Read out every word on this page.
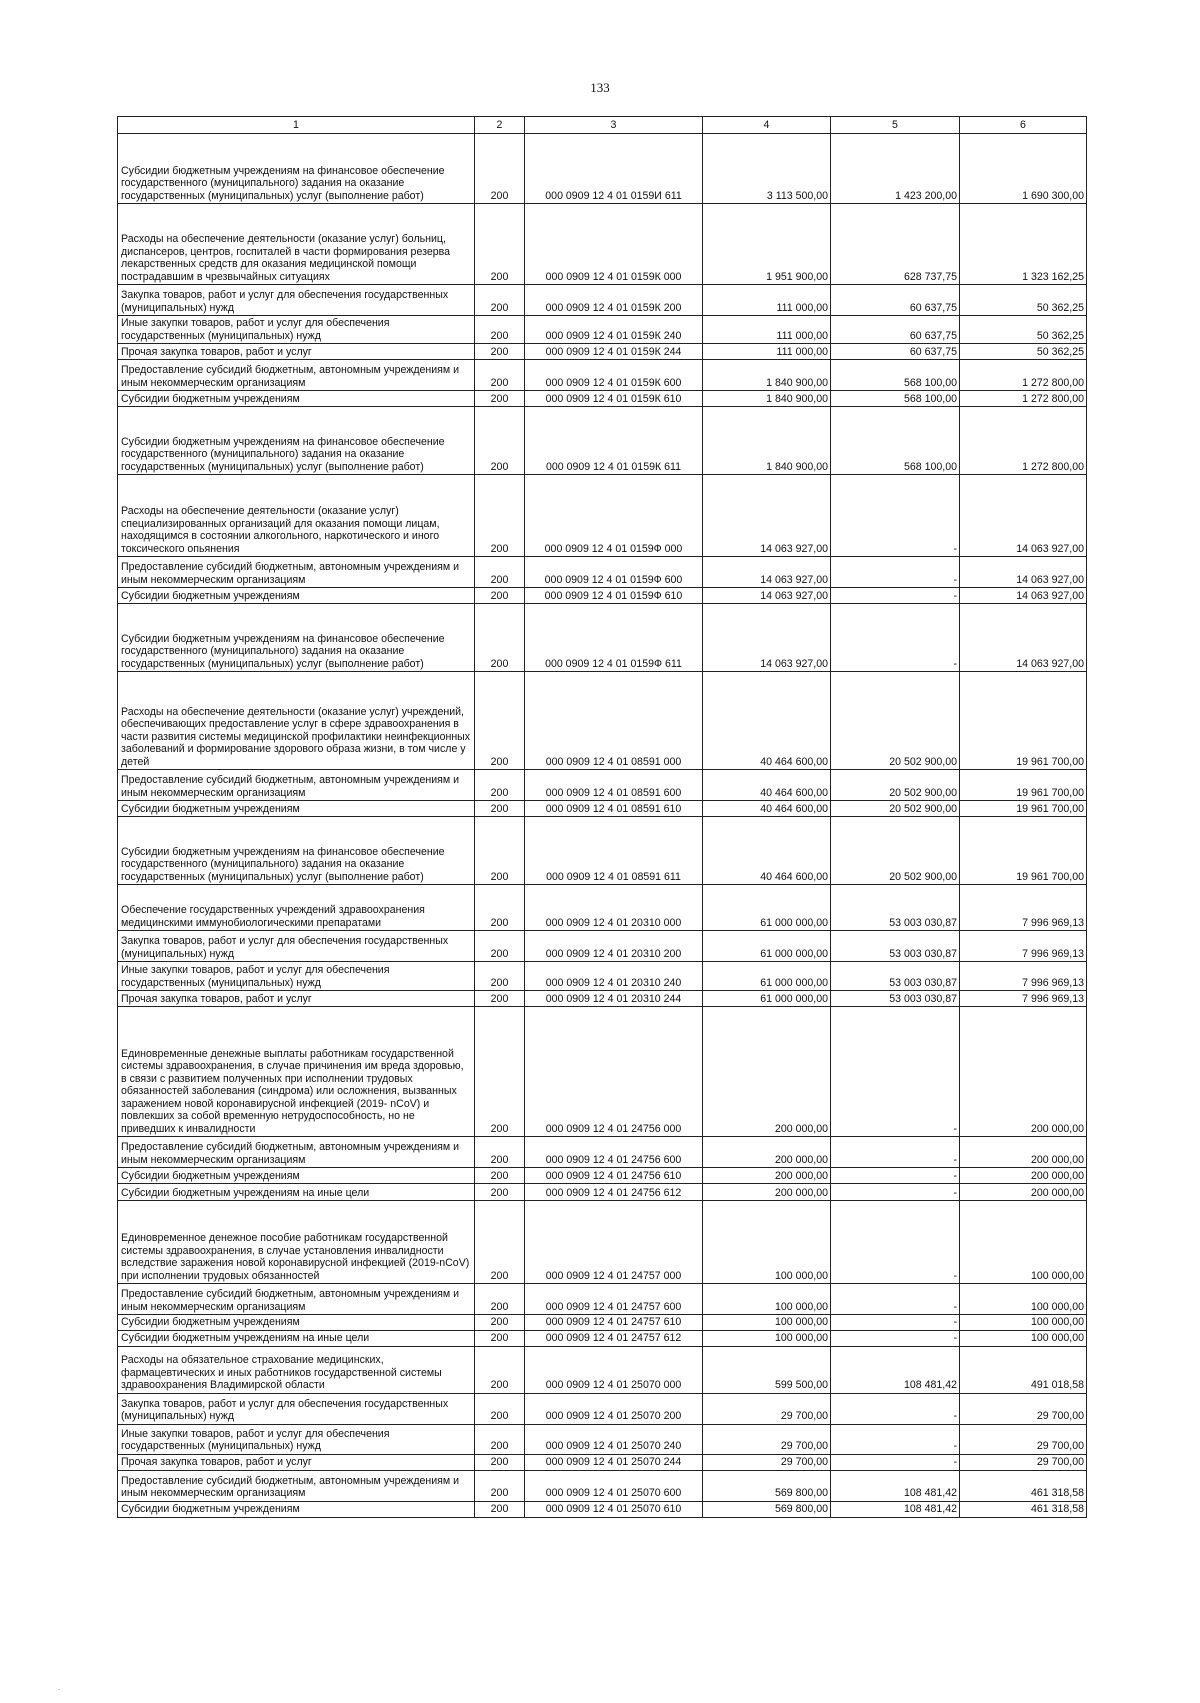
133
1	2	3	4	5	6

Субсидии бюджетным учреждениям на финансовое обеспечение государственного (муниципального) задания на оказание государственных (муниципальных) услуг (выполнение работ)	200	000 0909 12 4 01 0159И 611	3 113 500,00	1 423 200,00	1 690 300,00

Расходы на обеспечение деятельности (оказание услуг) больниц, диспансеров, центров, госпиталей в части формирования резерва лекарственных средств для оказания медицинской помощи пострадавшим в чрезвычайных ситуациях	200	000 0909 12 4 01 0159К 000	1 951 900,00	628 737,75	1 323 162,25

Закупка товаров, работ и услуг для обеспечения государственных (муниципальных) нужд	200	000 0909 12 4 01 0159К 200	111 000,00	60 637,75	50 362,25

Иные закупки товаров, работ и услуг для обеспечения государственных (муниципальных) нужд	200	000 0909 12 4 01 0159К 240	111 000,00	60 637,75	50 362,25

Прочая закупка товаров, работ и услуг	200	000 0909 12 4 01 0159К 244	111 000,00	60 637,75	50 362,25

Предоставление субсидий бюджетным, автономным учреждениям и иным некоммерческим организациям	200	000 0909 12 4 01 0159К 600	1 840 900,00	568 100,00	1 272 800,00

Субсидии бюджетным учреждениям	200	000 0909 12 4 01 0159К 610	1 840 900,00	568 100,00	1 272 800,00

Субсидии бюджетным учреждениям на финансовое обеспечение государственного (муниципального) задания на оказание государственных (муниципальных) услуг (выполнение работ)	200	000 0909 12 4 01 0159К 611	1 840 900,00	568 100,00	1 272 800,00

Расходы на обеспечение деятельности (оказание услуг) специализированных организаций для оказания помощи лицам, находящимся в состоянии алкогольного, наркотического и иного токсического опьянения	200	000 0909 12 4 01 0159Ф 000	14 063 927,00	-	14 063 927,00

Предоставление субсидий бюджетным, автономным учреждениям и иным некоммерческим организациям	200	000 0909 12 4 01 0159Ф 600	14 063 927,00	-	14 063 927,00

Субсидии бюджетным учреждениям	200	000 0909 12 4 01 0159Ф 610	14 063 927,00	-	14 063 927,00

Субсидии бюджетным учреждениям на финансовое обеспечение государственного (муниципального) задания на оказание государственных (муниципальных) услуг (выполнение работ)	200	000 0909 12 4 01 0159Ф 611	14 063 927,00	-	14 063 927,00

Расходы на обеспечение деятельности (оказание услуг) учреждений, обеспечивающих предоставление услуг в сфере здравоохранения в части развития системы медицинской профилактики неинфекционных заболеваний и формирование здорового образа жизни, в том числе у детей	200	000 0909 12 4 01 08591 000	40 464 600,00	20 502 900,00	19 961 700,00

Предоставление субсидий бюджетным, автономным учреждениям и иным некоммерческим организациям	200	000 0909 12 4 01 08591 600	40 464 600,00	20 502 900,00	19 961 700,00

Субсидии бюджетным учреждениям	200	000 0909 12 4 01 08591 610	40 464 600,00	20 502 900,00	19 961 700,00

Субсидии бюджетным учреждениям на финансовое обеспечение государственного (муниципального) задания на оказание государственных (муниципальных) услуг (выполнение работ)	200	000 0909 12 4 01 08591 611	40 464 600,00	20 502 900,00	19 961 700,00

Обеспечение государственных учреждений здравоохранения медицинскими иммунобиологическими препаратами	200	000 0909 12 4 01 20310 000	61 000 000,00	53 003 030,87	7 996 969,13

Закупка товаров, работ и услуг для обеспечения государственных (муниципальных) нужд	200	000 0909 12 4 01 20310 200	61 000 000,00	53 003 030,87	7 996 969,13

Иные закупки товаров, работ и услуг для обеспечения государственных (муниципальных) нужд	200	000 0909 12 4 01 20310 240	61 000 000,00	53 003 030,87	7 996 969,13

Прочая закупка товаров, работ и услуг	200	000 0909 12 4 01 20310 244	61 000 000,00	53 003 030,87	7 996 969,13

Единовременные денежные выплаты работникам государственной системы здравоохранения, в случае причинения им вреда здоровью, в связи с развитием полученных при исполнении трудовых обязанностей заболевания (синдрома) или осложнения, вызванных заражением новой коронавирусной инфекцией (2019- nCoV) и повлекших за собой временную нетрудоспособность, но не приведших к инвалидности	200	000 0909 12 4 01 24756 000	200 000,00	-	200 000,00

Предоставление субсидий бюджетным, автономным учреждениям и иным некоммерческим организациям	200	000 0909 12 4 01 24756 600	200 000,00	-	200 000,00

Субсидии бюджетным учреждениям	200	000 0909 12 4 01 24756 610	200 000,00	-	200 000,00

Субсидии бюджетным учреждениям на иные цели	200	000 0909 12 4 01 24756 612	200 000,00	-	200 000,00

Единовременное денежное пособие работникам государственной системы здравоохранения, в случае установления инвалидности вследствие заражения новой коронавирусной инфекцией (2019-nCoV) при исполнении трудовых обязанностей	200	000 0909 12 4 01 24757 000	100 000,00	-	100 000,00

Предоставление субсидий бюджетным, автономным учреждениям и иным некоммерческим организациям	200	000 0909 12 4 01 24757 600	100 000,00	-	100 000,00

Субсидии бюджетным учреждениям	200	000 0909 12 4 01 24757 610	100 000,00	-	100 000,00

Субсидии бюджетным учреждениям на иные цели	200	000 0909 12 4 01 24757 612	100 000,00	-	100 000,00

Расходы на обязательное страхование медицинских, фармацевтических и иных работников государственной системы здравоохранения Владимирской области	200	000 0909 12 4 01 25070 000	599 500,00	108 481,42	491 018,58

Закупка товаров, работ и услуг для обеспечения государственных (муниципальных) нужд	200	000 0909 12 4 01 25070 200	29 700,00	-	29 700,00

Иные закупки товаров, работ и услуг для обеспечения государственных (муниципальных) нужд	200	000 0909 12 4 01 25070 240	29 700,00	-	29 700,00

Прочая закупка товаров, работ и услуг	200	000 0909 12 4 01 25070 244	29 700,00	-	29 700,00

Предоставление субсидий бюджетным, автономным учреждениям и иным некоммерческим организациям	200	000 0909 12 4 01 25070 600	569 800,00	108 481,42	461 318,58

Субсидии бюджетным учреждениям	200	000 0909 12 4 01 25070 610	569 800,00	108 481,42	461 318,58
.
